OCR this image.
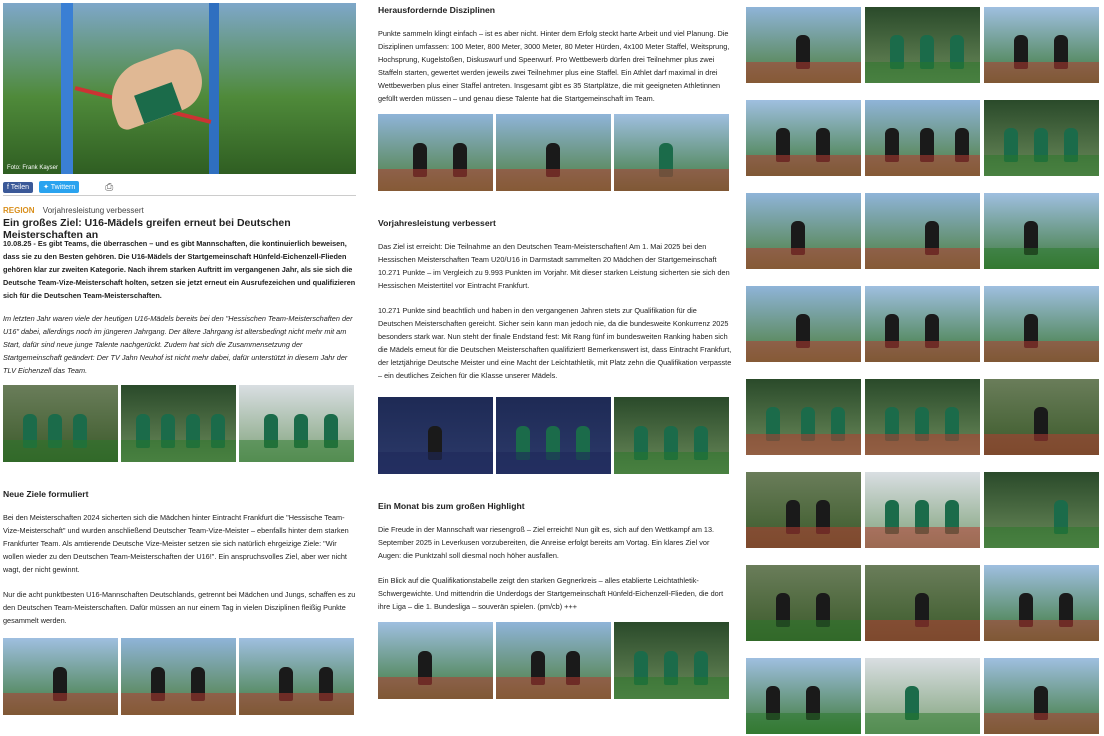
Foto: Frank Kayser
f Teilen	✦ Twittern	⎙
REGION Vorjahresleistung verbessert
Ein großes Ziel: U16-Mädels greifen erneut bei Deutschen Meisterschaften an

10.08.25 - Es gibt Teams, die überraschen – und es gibt Mannschaften, die kontinuierlich beweisen, dass sie zu den Besten gehören. Die U16-Mädels der Startgemeinschaft Hünfeld-Eichenzell-Flieden gehören klar zur zweiten Kategorie. Nach ihrem starken Auftritt im vergangenen Jahr, als sie sich die Deutsche Team-Vize-Meisterschaft holten, setzen sie jetzt erneut ein Ausrufezeichen und qualifizieren sich für die Deutschen Team-Meisterschaften.

Im letzten Jahr waren viele der heutigen U16-Mädels bereits bei den "Hessischen Team-Meisterschaften der U16" dabei, allerdings noch im jüngeren Jahrgang. Der ältere Jahrgang ist altersbedingt nicht mehr mit am Start, dafür sind neue junge Talente nachgerückt. Zudem hat sich die Zusammensetzung der Startgemeinschaft geändert: Der TV Jahn Neuhof ist nicht mehr dabei, dafür unterstützt in diesem Jahr der TLV Eichenzell das Team.

Neue Ziele formuliert

Bei den Meisterschaften 2024 sicherten sich die Mädchen hinter Eintracht Frankfurt die "Hessische Team-Vize-Meisterschaft" und wurden anschließend Deutscher Team-Vize-Meister – ebenfalls hinter dem starken Frankfurter Team. Als amtierende Deutsche Vize-Meister setzen sie sich natürlich ehrgeizige Ziele: "Wir wollen wieder zu den Deutschen Team-Meisterschaften der U16!". Ein anspruchsvolles Ziel, aber wer nicht wagt, der nicht gewinnt.

Nur die acht punktbesten U16-Mannschaften Deutschlands, getrennt bei Mädchen und Jungs, schaffen es zu den Deutschen Team-Meisterschaften. Dafür müssen an nur einem Tag in vielen Disziplinen fleißig Punkte gesammelt werden.

Herausfordernde Disziplinen

Punkte sammeln klingt einfach – ist es aber nicht. Hinter dem Erfolg steckt harte Arbeit und viel Planung. Die Disziplinen umfassen: 100 Meter, 800 Meter, 3000 Meter, 80 Meter Hürden, 4x100 Meter Staffel, Weitsprung, Hochsprung, Kugelstoßen, Diskuswurf und Speerwurf. Pro Wettbewerb dürfen drei Teilnehmer plus zwei Staffeln starten, gewertet werden jeweils zwei Teilnehmer plus eine Staffel. Ein Athlet darf maximal in drei Wettbewerben plus einer Staffel antreten. Insgesamt gibt es 35 Startplätze, die mit geeigneten Athletinnen gefüllt werden müssen – und genau diese Talente hat die Startgemeinschaft im Team.

Vorjahresleistung verbessert

Das Ziel ist erreicht: Die Teilnahme an den Deutschen Team-Meisterschaften! Am 1. Mai 2025 bei den Hessischen Meisterschaften Team U20/U16 in Darmstadt sammelten 20 Mädchen der Startgemeinschaft 10.271 Punkte – im Vergleich zu 9.993 Punkten im Vorjahr. Mit dieser starken Leistung sicherten sie sich den Hessischen Meistertitel vor Eintracht Frankfurt.

10.271 Punkte sind beachtlich und haben in den vergangenen Jahren stets zur Qualifikation für die Deutschen Meisterschaften gereicht. Sicher sein kann man jedoch nie, da die bundesweite Konkurrenz 2025 besonders stark war. Nun steht der finale Endstand fest: Mit Rang fünf im bundesweiten Ranking haben sich die Mädels erneut für die Deutschen Meisterschaften qualifiziert! Bemerkenswert ist, dass Eintracht Frankfurt, der letztjährige Deutsche Meister und eine Macht der Leichtathletik, mit Platz zehn die Qualifikation verpasste – ein deutliches Zeichen für die Klasse unserer Mädels.

Ein Monat bis zum großen Highlight

Die Freude in der Mannschaft war riesengroß – Ziel erreicht! Nun gilt es, sich auf den Wettkampf am 13. September 2025 in Leverkusen vorzubereiten, die Anreise erfolgt bereits am Vortag. Ein klares Ziel vor Augen: die Punktzahl soll diesmal noch höher ausfallen.

Ein Blick auf die Qualifikationstabelle zeigt den starken Gegnerkreis – alles etablierte Leichtathletik-Schwergewichte. Und mittendrin die Underdogs der Startgemeinschaft Hünfeld-Eichenzell-Flieden, die dort ihre Liga – die 1. Bundesliga – souverän spielen. (pm/cb) +++
